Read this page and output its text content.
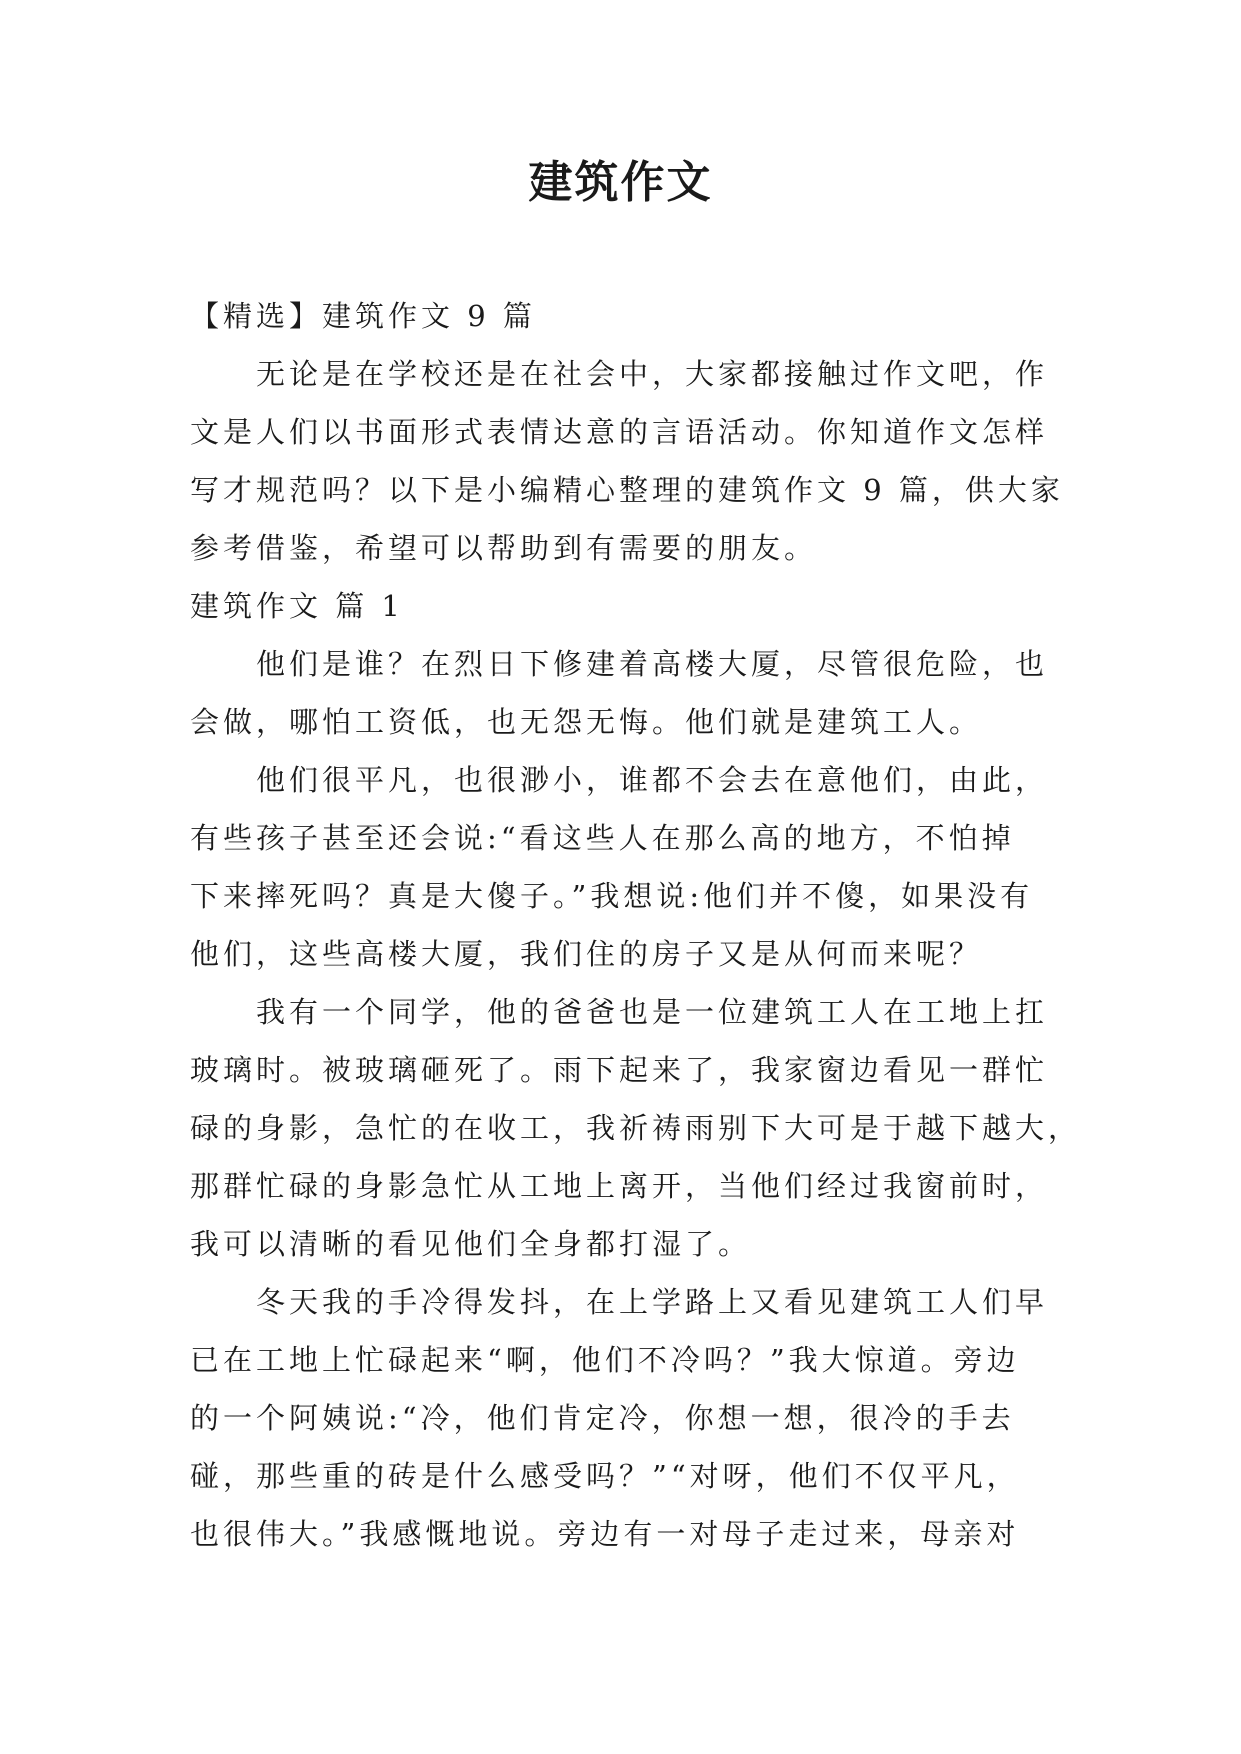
建筑作文

【精选】建筑作文 9 篇

无论是在学校还是在社会中，大家都接触过作文吧，作

文是人们以书面形式表情达意的言语活动。你知道作文怎样

写才规范吗？以下是小编精心整理的建筑作文 9 篇，供大家

参考借鉴，希望可以帮助到有需要的朋友。

建筑作文 篇 1

他们是谁？在烈日下修建着高楼大厦，尽管很危险，也

会做，哪怕工资低，也无怨无悔。他们就是建筑工人。

他们很平凡，也很渺小，谁都不会去在意他们，由此，

有些孩子甚至还会说:“看这些人在那么高的地方，不怕掉

下来摔死吗？真是大傻子。”我想说:他们并不傻，如果没有

他们，这些高楼大厦，我们住的房子又是从何而来呢？

我有一个同学，他的爸爸也是一位建筑工人在工地上扛

玻璃时。被玻璃砸死了。雨下起来了，我家窗边看见一群忙

碌的身影，急忙的在收工，我祈祷雨别下大可是于越下越大，

那群忙碌的身影急忙从工地上离开，当他们经过我窗前时，

我可以清晰的看见他们全身都打湿了。

冬天我的手冷得发抖，在上学路上又看见建筑工人们早

已在工地上忙碌起来“啊，他们不冷吗？”我大惊道。旁边

的一个阿姨说:“冷，他们肯定冷，你想一想，很冷的手去

碰，那些重的砖是什么感受吗？”“对呀，他们不仅平凡，

也很伟大。”我感慨地说。旁边有一对母子走过来，母亲对
